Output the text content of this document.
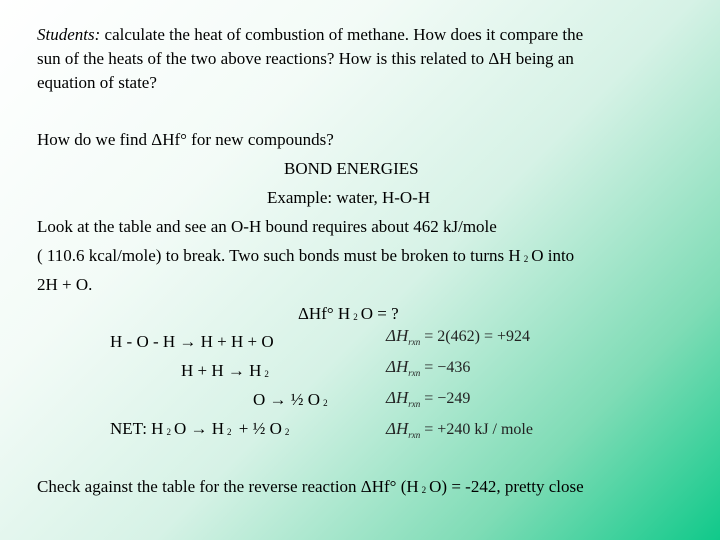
Students: calculate the heat of combustion of methane. How does it compare the
sun of the heats of the two above reactions? How is this related to ΔH being an
equation of state?
How do we find ΔHf° for new compounds?
BOND ENERGIES
Example: water, H-O-H
Look at the table and see an O-H bound requires about 462 kJ/mole
( 110.6 kcal/mole) to break. Two such bonds must be broken to turns H 2 O into
2H + O.
ΔHf° H 2 O = ?
H - O - H → H + H + O
H + H → H 2
O → ½ O 2
NET: H 2 O → H 2 + ½ O 2
$\Delta H_{rxn} = 2(462) = +924$
$\Delta H_{rxn} = -436$
$\Delta H_{rxn} = -249$
$\Delta H_{rxn} = +240$ kJ / mole
Check against the table for the reverse reaction ΔHf° (H 2 O) = -242, pretty close
